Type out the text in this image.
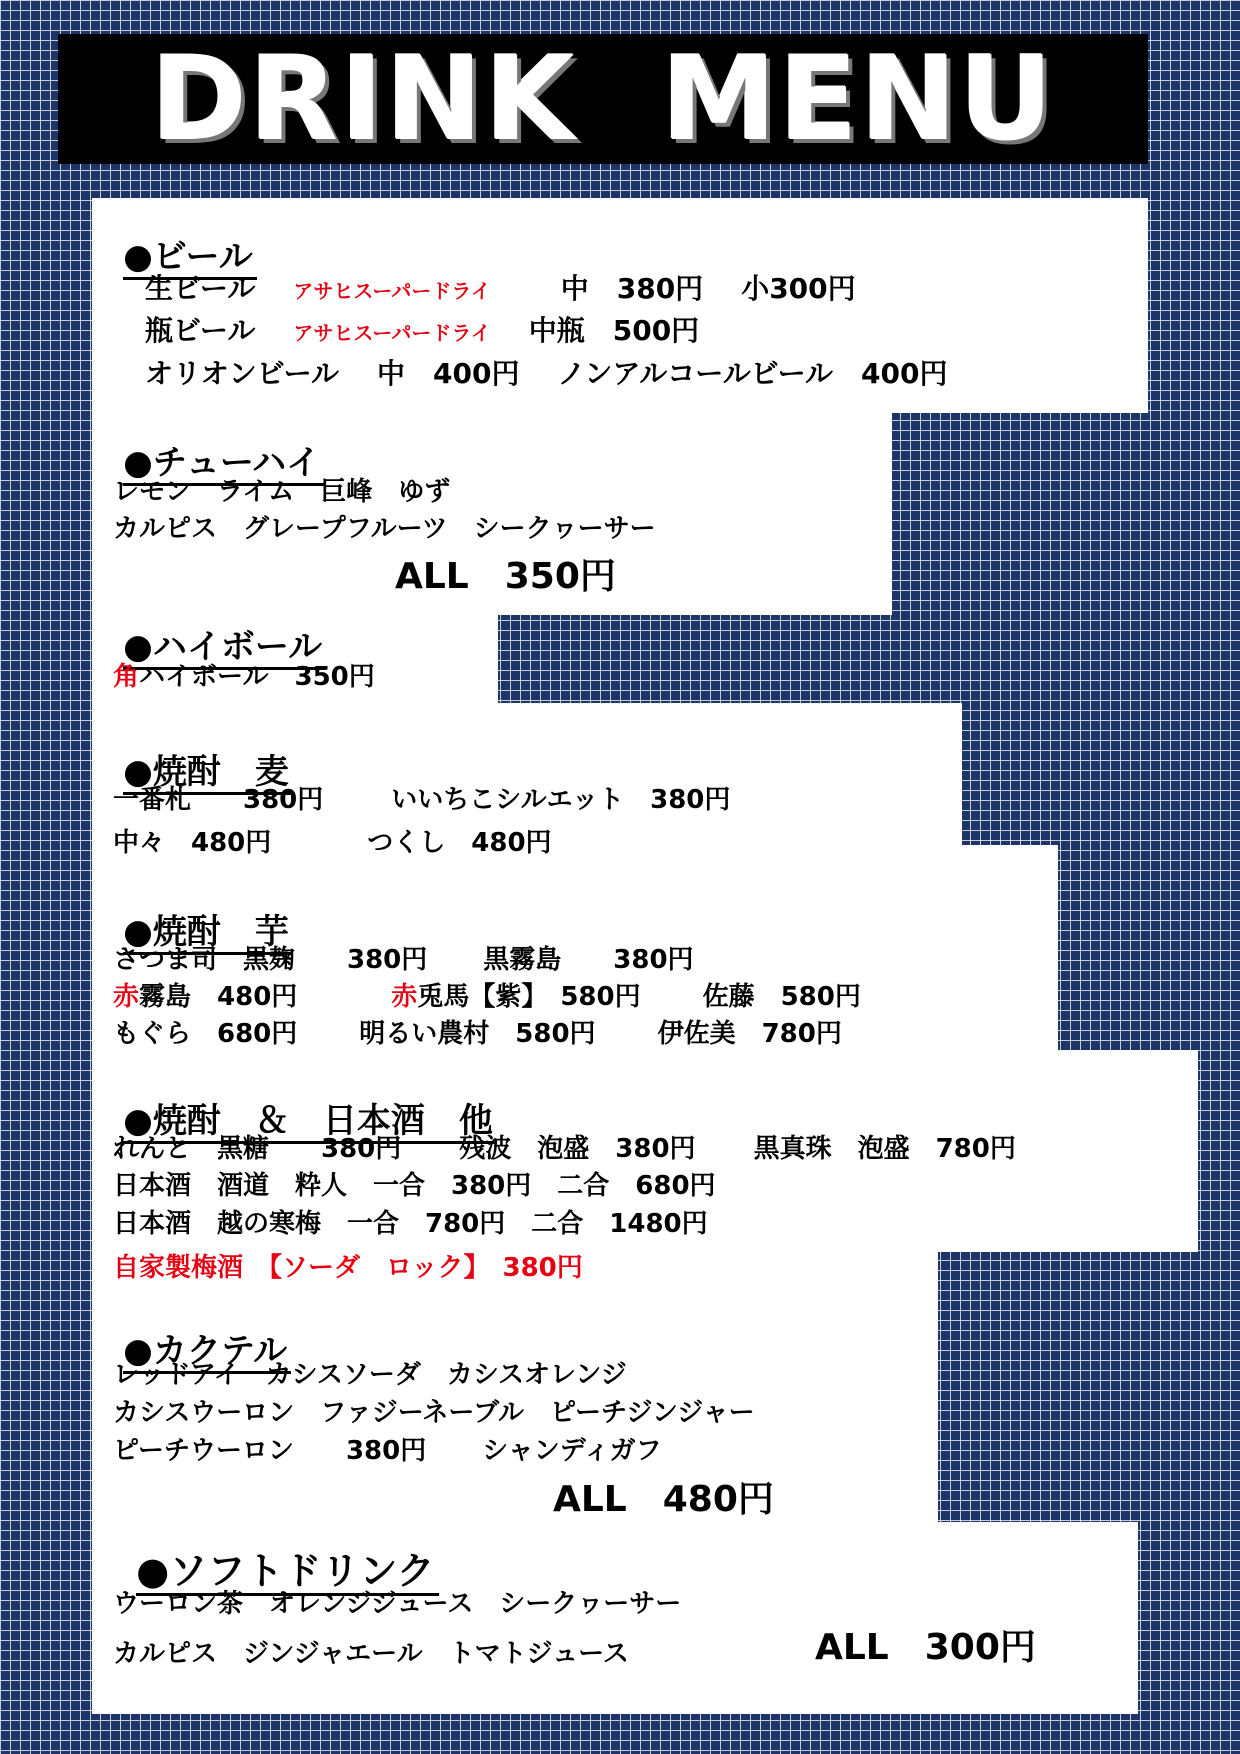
DRINK  MENU

●ビール

生ビール アサヒスーパードライ	中　380円 小300円
瓶ビール アサヒスーパードライ 中瓶　500円
オリオンビール 中　400円 ノンアルコールビール　400円

●チューハイ

レモン　ライム　巨峰　ゆず
カルピス　グレープフルーツ　シークヮーサー
ALL　350円

●ハイボール

角ハイボール　350円

●焼酎　麦

一番札　　380円	いいちこシルエット　380円
中々　480円	つくし　480円

●焼酎　芋

さつま司　黒麹　　380円 黒霧島　　380円
赤霧島　480円	赤兎馬【紫】　580円 佐藤　580円
もぐら　680円 明るい農村　580円 伊佐美　780円

●焼酎　＆　日本酒　他

れんと　黒糖　　380円 残波　泡盛　380円 黒真珠　泡盛　780円
日本酒　酒道　粋人　一合　380円　二合　680円
日本酒　越の寒梅　一合　780円　二合　1480円
自家製梅酒　【ソーダ　ロック】　380円

●カクテル

レッドアイ　カシスソーダ　カシスオレンジ
カシスウーロン　ファジーネーブル　ピーチジンジャー
ピーチウーロン　　380円 シャンディガフ
ALL　480円

●ソフトドリンク

ウーロン茶　オレンジジュース　シークヮーサー
カルピス　ジンジャエール　トマトジュース	ALL　300円
